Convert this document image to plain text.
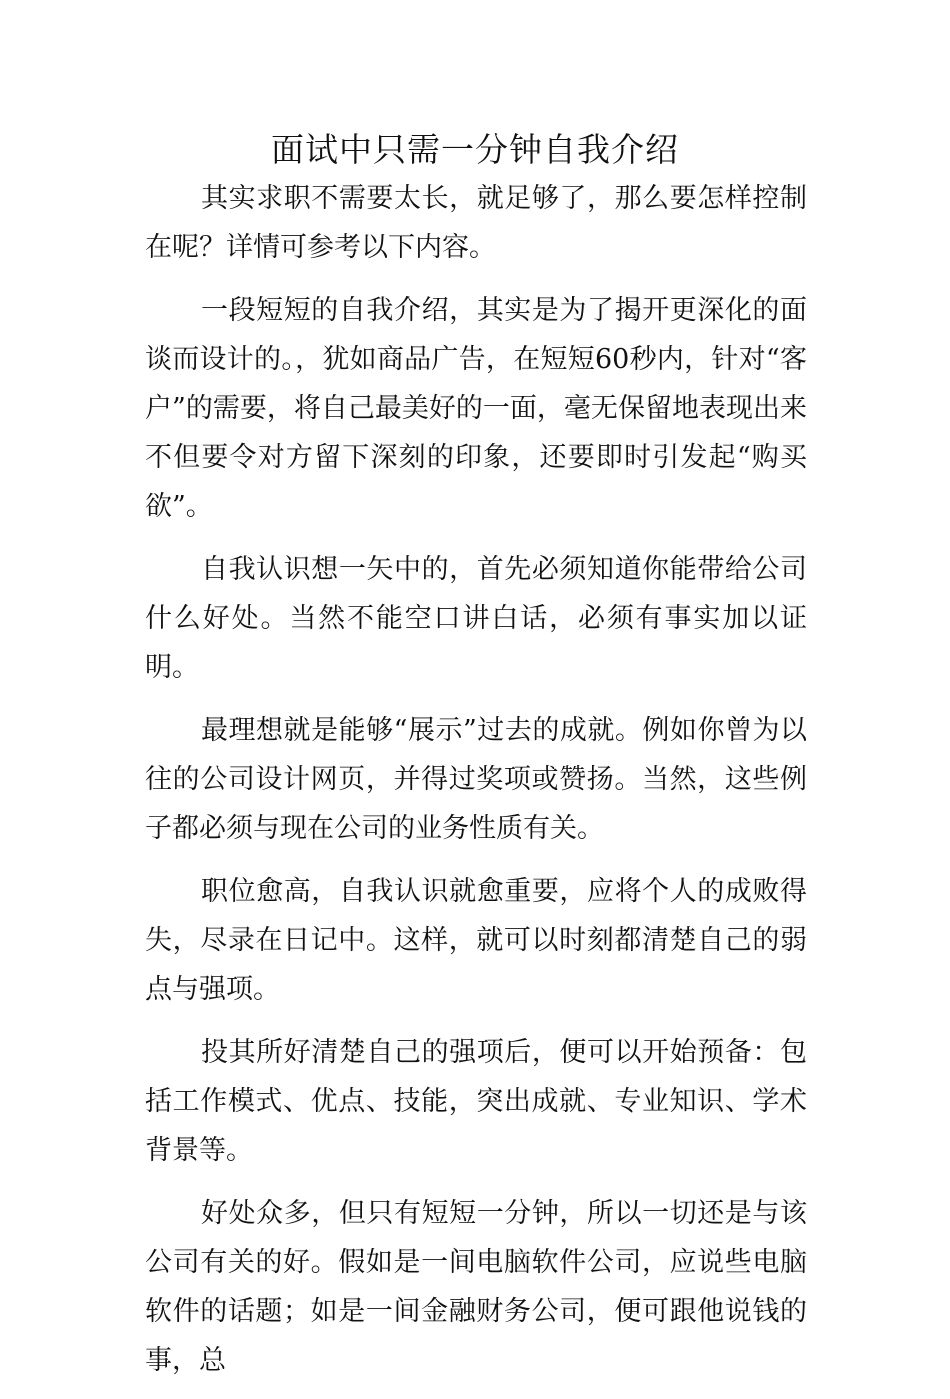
面试中只需一分钟自我介绍

其实求职不需要太长，就足够了，那么要怎样控制在呢？详情可参考以下内容。

一段短短的自我介绍，其实是为了揭开更深化的面谈而设计的。，犹如商品广告，在短短60秒内，针对“客户”的需要，将自己最美好的一面，毫无保留地表现出来不但要令对方留下深刻的印象，还要即时引发起“购买欲”。

自我认识想一矢中的，首先必须知道你能带给公司什么好处。当然不能空口讲白话，必须有事实加以证明。

最理想就是能够“展示”过去的成就。例如你曾为以往的公司设计网页，并得过奖项或赞扬。当然，这些例子都必须与现在公司的业务性质有关。

职位愈高，自我认识就愈重要，应将个人的成败得失，尽录在日记中。这样，就可以时刻都清楚自己的弱点与强项。

投其所好清楚自己的强项后，便可以开始预备：包括工作模式、优点、技能，突出成就、专业知识、学术背景等。

好处众多，但只有短短一分钟，所以一切还是与该公司有关的好。假如是一间电脑软件公司，应说些电脑软件的话题；如是一间金融财务公司，便可跟他说钱的事，总
